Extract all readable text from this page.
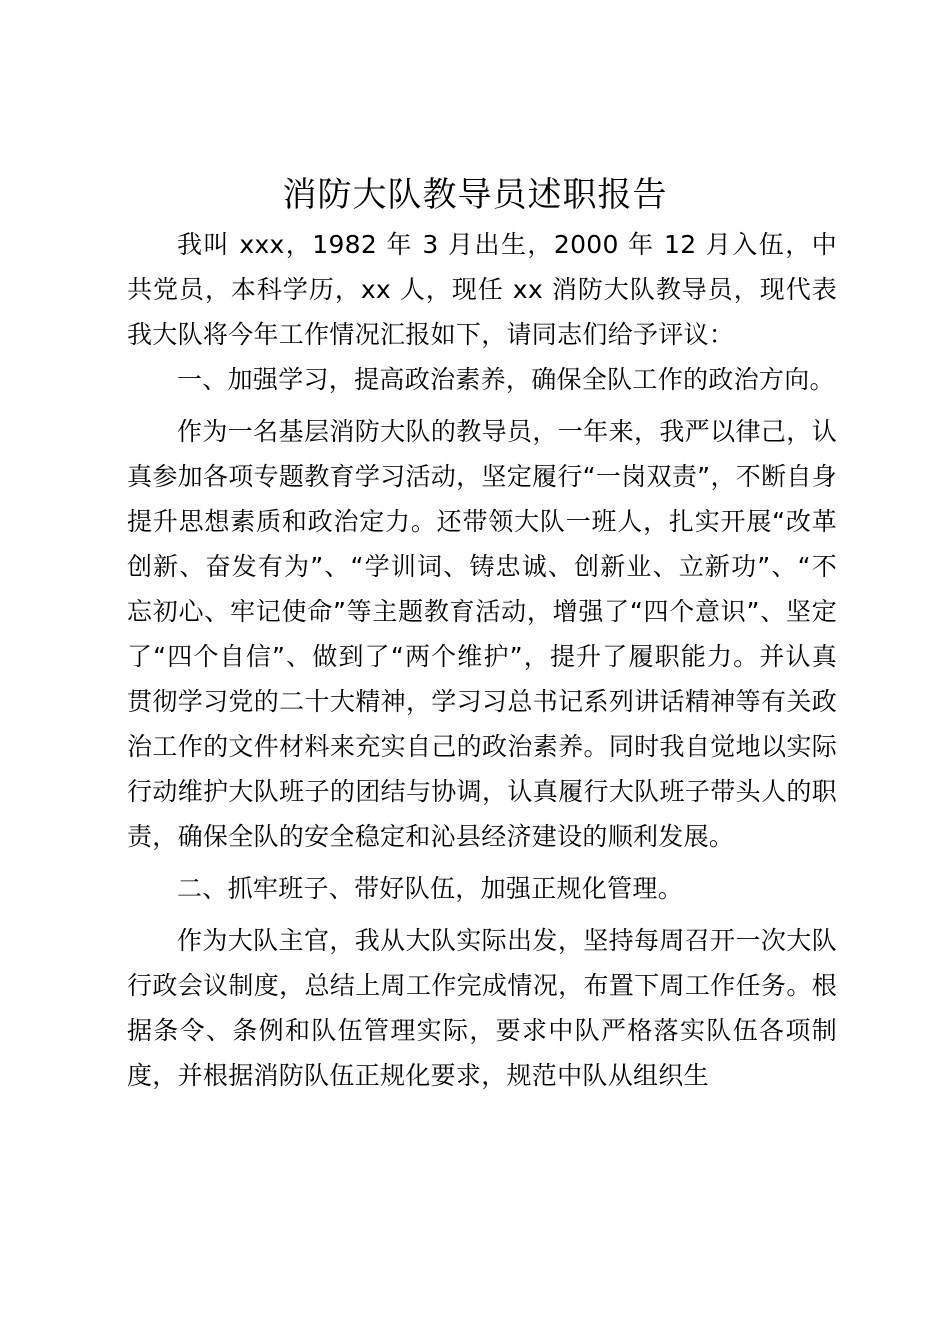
消防大队教导员述职报告

我叫 xxx，1982 年 3 月出生，2000 年 12 月入伍，中共党员，本科学历，xx 人，现任 xx 消防大队教导员，现代表我大队将今年工作情况汇报如下，请同志们给予评议：

一、加强学习，提高政治素养，确保全队工作的政治方向。

作为一名基层消防大队的教导员，一年来，我严以律己，认真参加各项专题教育学习活动，坚定履行“一岗双责”，不断自身提升思想素质和政治定力。还带领大队一班人，扎实开展“改革创新、奋发有为”、“学训词、铸忠诚、创新业、立新功”、“不忘初心、牢记使命”等主题教育活动，增强了“四个意识”、坚定了“四个自信”、做到了“两个维护”，提升了履职能力。并认真贯彻学习党的二十大精神，学习习总书记系列讲话精神等有关政治工作的文件材料来充实自己的政治素养。同时我自觉地以实际行动维护大队班子的团结与协调，认真履行大队班子带头人的职责，确保全队的安全稳定和沁县经济建设的顺利发展。

二、抓牢班子、带好队伍，加强正规化管理。

作为大队主官，我从大队实际出发，坚持每周召开一次大队行政会议制度，总结上周工作完成情况，布置下周工作任务。根据条令、条例和队伍管理实际，要求中队严格落实队伍各项制度，并根据消防队伍正规化要求，规范中队从组织生
